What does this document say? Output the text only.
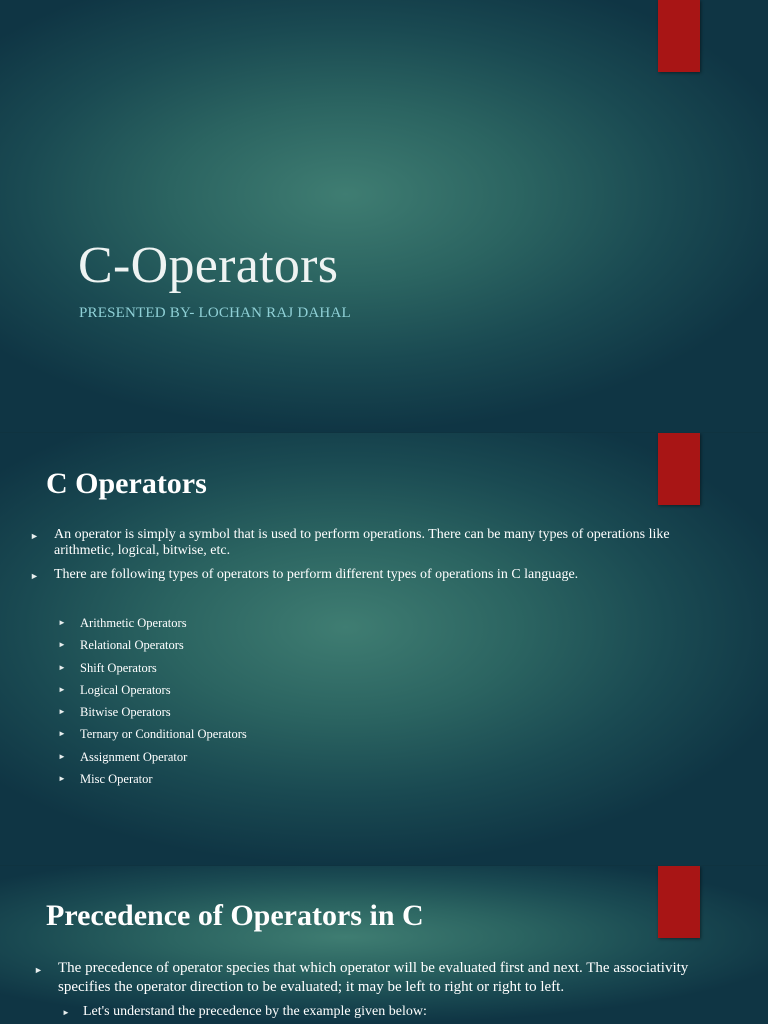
C-Operators
PRESENTED BY- LOCHAN RAJ DAHAL
C Operators
► An operator is simply a symbol that is used to perform operations. There can be many types of operations like arithmetic, logical, bitwise, etc.
► There are following types of operators to perform different types of operations in C language.
► Arithmetic Operators
► Relational Operators
► Shift Operators
► Logical Operators
► Bitwise Operators
► Ternary or Conditional Operators
► Assignment Operator
► Misc Operator
Precedence of Operators in C
► The precedence of operator species that which operator will be evaluated first and next. The associativity specifies the operator direction to be evaluated; it may be left to right or right to left.
► Let's understand the precedence by the example given below:
